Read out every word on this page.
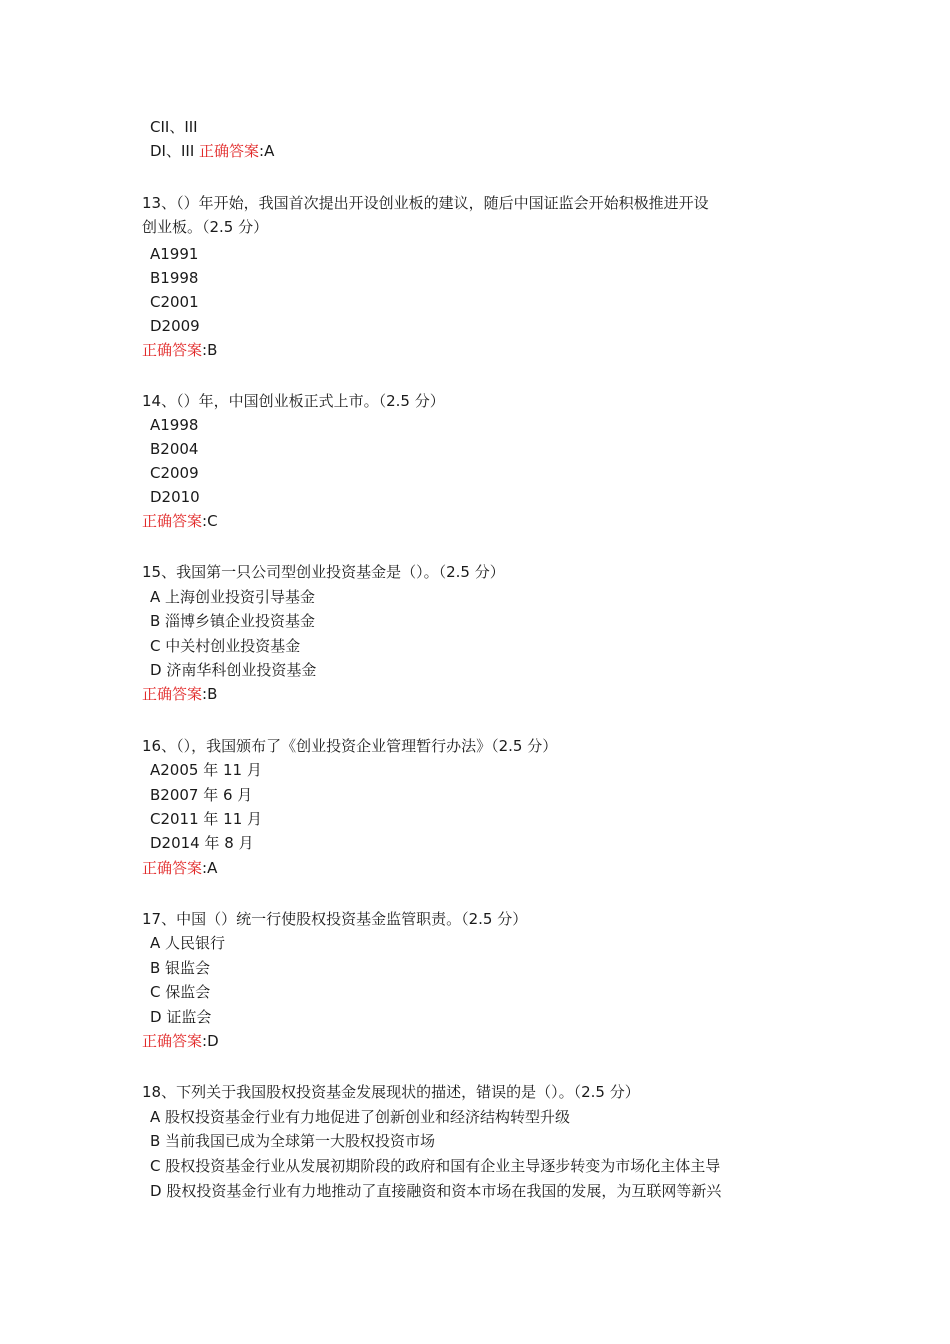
CII、III
DI、III 正确答案:A
13、（）年开始，我国首次提出开设创业板的建议，随后中国证监会开始积极推进开设
创业板。（2.5 分）
A1991
B1998
C2001
D2009
正确答案:B
14、（）年，中国创业板正式上市。（2.5 分）
A1998
B2004
C2009
D2010
正确答案:C
15、我国第一只公司型创业投资基金是（）。（2.5 分）
A 上海创业投资引导基金
B 淄博乡镇企业投资基金
C 中关村创业投资基金
D 济南华科创业投资基金
正确答案:B
16、（），我国颁布了《创业投资企业管理暂行办法》（2.5 分）
A2005 年 11 月
B2007 年 6 月
C2011 年 11 月
D2014 年 8 月
正确答案:A
17、中国（）统一行使股权投资基金监管职责。（2.5 分）
A 人民银行
B 银监会
C 保监会
D 证监会
正确答案:D
18、下列关于我国股权投资基金发展现状的描述，错误的是（）。（2.5 分）
A 股权投资基金行业有力地促进了创新创业和经济结构转型升级
B 当前我国已成为全球第一大股权投资市场
C 股权投资基金行业从发展初期阶段的政府和国有企业主导逐步转变为市场化主体主导
D 股权投资基金行业有力地推动了直接融资和资本市场在我国的发展，为互联网等新兴
